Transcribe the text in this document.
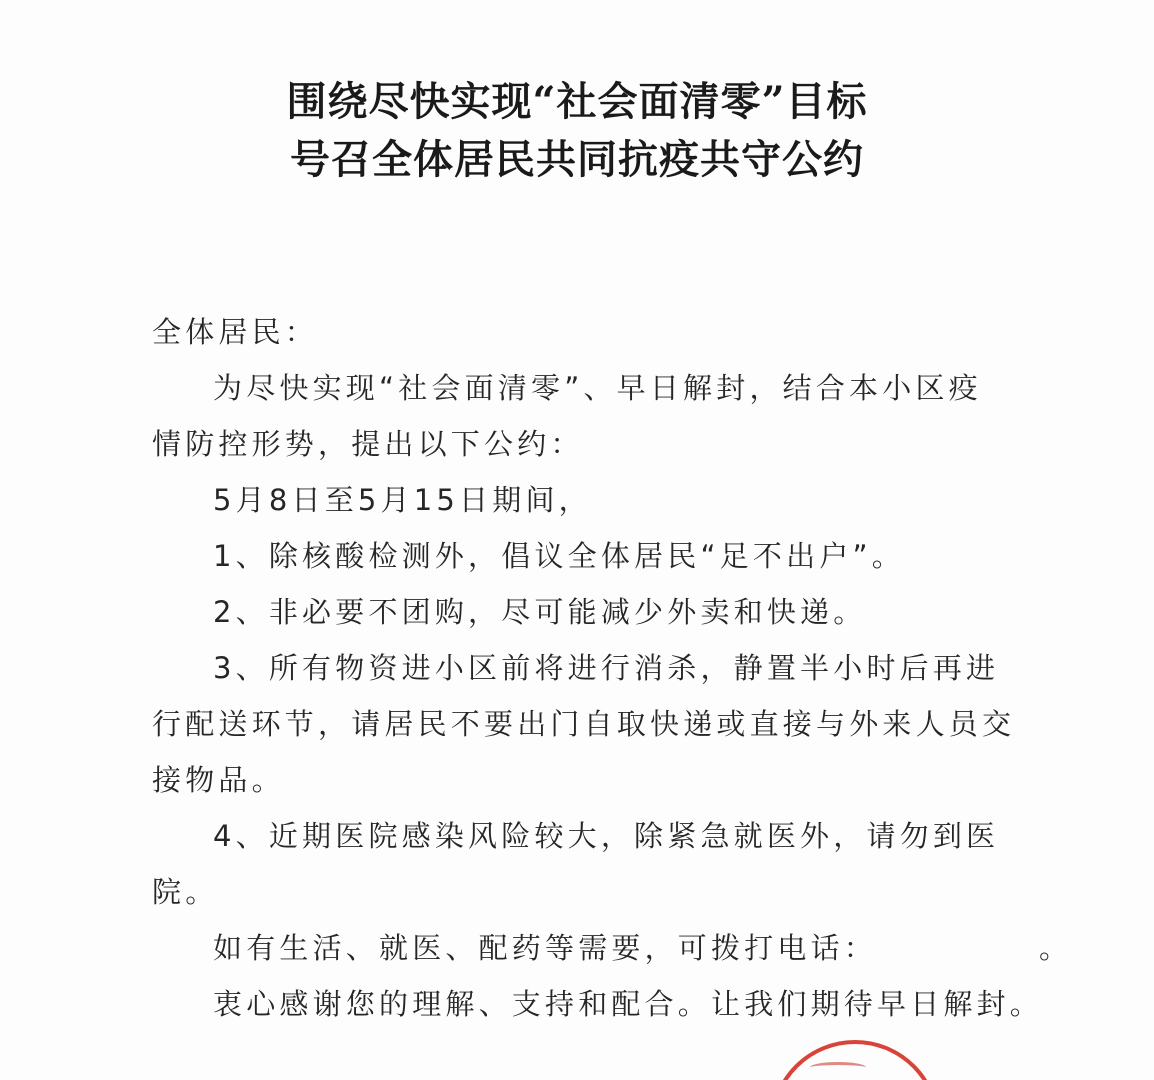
围绕尽快实现“社会面清零”目标
号召全体居民共同抗疫共守公约
全体居民：
为尽快实现“社会面清零”、早日解封，结合本小区疫
情防控形势，提出以下公约：
5月8日至5月15日期间，
1、除核酸检测外，倡议全体居民“足不出户”。
2、非必要不团购，尽可能减少外卖和快递。
3、所有物资进小区前将进行消杀，静置半小时后再进
行配送环节，请居民不要出门自取快递或直接与外来人员交
接物品。
4、近期医院感染风险较大，除紧急就医外，请勿到医
院。
如有生活、就医、配药等需要，可拨打电话：	。
衷心感谢您的理解、支持和配合。让我们期待早日解封。
